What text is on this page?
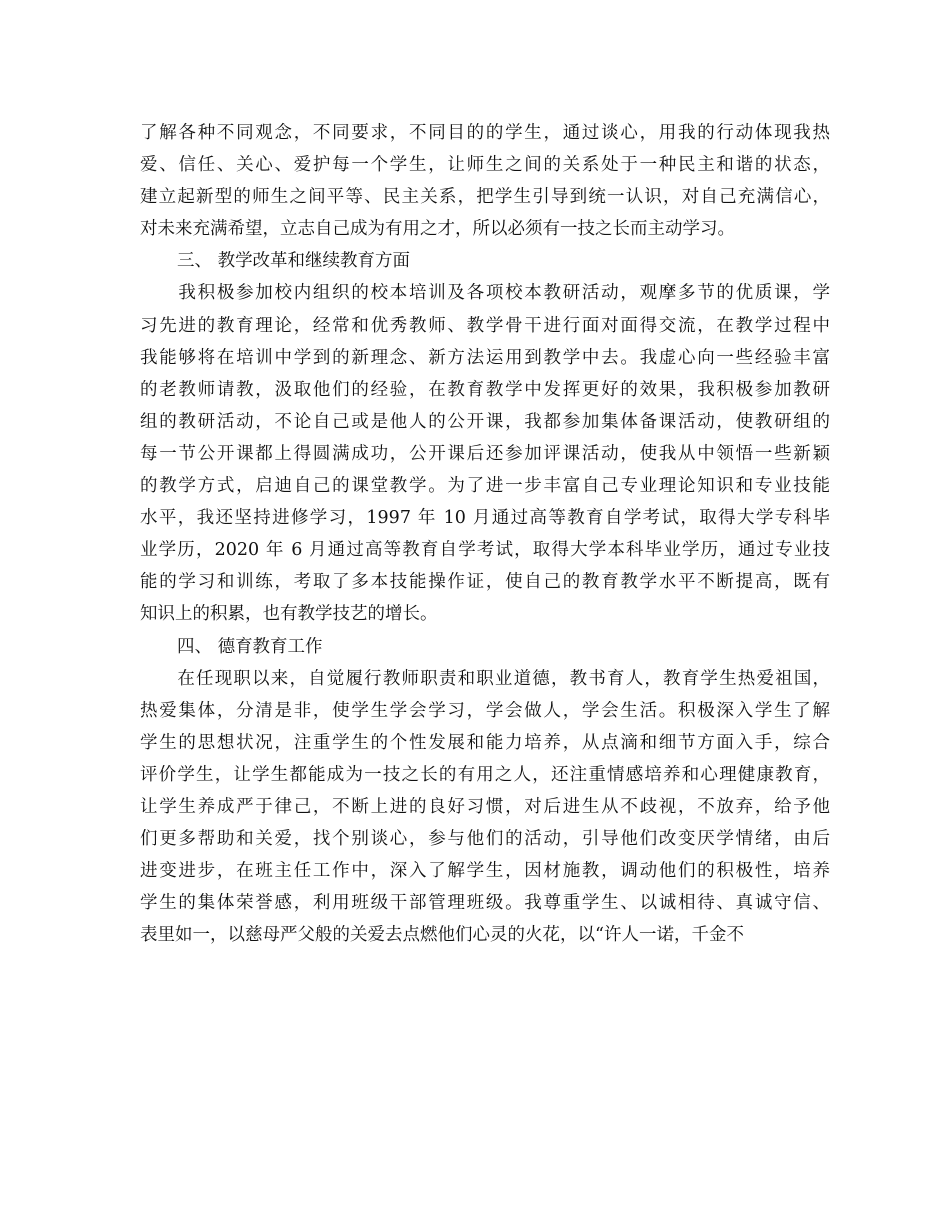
了解各种不同观念，不同要求，不同目的的学生，通过谈心，用我的行动体现我热
爱、信任、关心、爱护每一个学生，让师生之间的关系处于一种民主和谐的状态，
建立起新型的师生之间平等、民主关系，把学生引导到统一认识，对自己充满信心，
对未来充满希望，立志自己成为有用之才，所以必须有一技之长而主动学习。
三、 教学改革和继续教育方面
　　我积极参加校内组织的校本培训及各项校本教研活动，观摩多节的优质课，学
习先进的教育理论，经常和优秀教师、教学骨干进行面对面得交流，在教学过程中
我能够将在培训中学到的新理念、新方法运用到教学中去。我虚心向一些经验丰富
的老教师请教，汲取他们的经验，在教育教学中发挥更好的效果，我积极参加教研
组的教研活动，不论自己或是他人的公开课，我都参加集体备课活动，使教研组的
每一节公开课都上得圆满成功，公开课后还参加评课活动，使我从中领悟一些新颖
的教学方式，启迪自己的课堂教学。为了进一步丰富自己专业理论知识和专业技能
水平，我还坚持进修学习，1997 年 10 月通过高等教育自学考试，取得大学专科毕
业学历，2020 年 6 月通过高等教育自学考试，取得大学本科毕业学历，通过专业技
能的学习和训练，考取了多本技能操作证，使自己的教育教学水平不断提高，既有
知识上的积累，也有教学技艺的增长。
四、 德育教育工作
　　在任现职以来，自觉履行教师职责和职业道德，教书育人，教育学生热爱祖国，
热爱集体，分清是非，使学生学会学习，学会做人，学会生活。积极深入学生了解
学生的思想状况，注重学生的个性发展和能力培养，从点滴和细节方面入手，综合
评价学生，让学生都能成为一技之长的有用之人，还注重情感培养和心理健康教育，
让学生养成严于律己，不断上进的良好习惯，对后进生从不歧视，不放弃，给予他
们更多帮助和关爱，找个别谈心，参与他们的活动，引导他们改变厌学情绪，由后
进变进步，在班主任工作中，深入了解学生，因材施教，调动他们的积极性，培养
学生的集体荣誉感，利用班级干部管理班级。我尊重学生、以诚相待、真诚守信、
表里如一，以慈母严父般的关爱去点燃他们心灵的火花，以“许人一诺，千金不
